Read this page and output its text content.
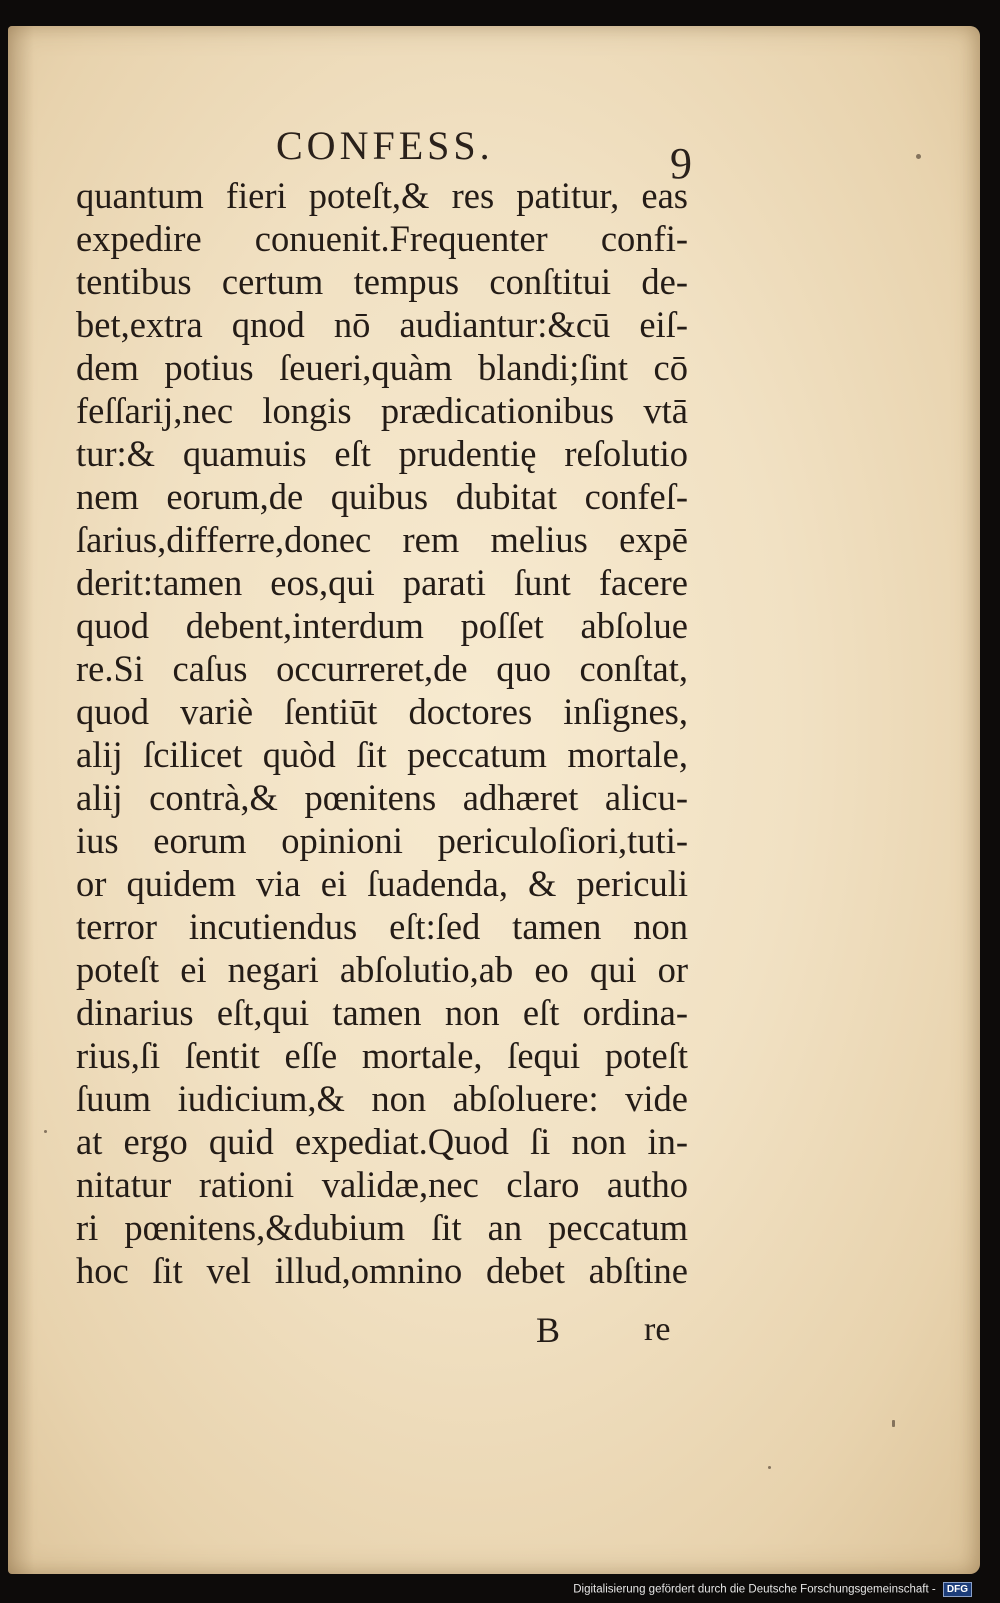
CONFESS.	9
quantum fieri poteſt,& res patitur, eas
expedire conuenit.Frequenter confi-
tentibus certum tempus conſtitui de-
bet,extra qnod nō audiantur:&cū eiſ-
dem potius ſeueri,quàm blandi;ſint cō
feſſarij,nec longis prædicationibus vtā
tur:& quamuis eſt prudentię reſolutio
nem eorum,de quibus dubitat confeſ-
ſarius,differre,donec rem melius expē
derit:tamen eos,qui parati ſunt facere
quod debent,interdum poſſet abſolue
re.Si caſus occurreret,de quo conſtat,
quod variè ſentiūt doctores inſignes,
alij ſcilicet quòd ſit peccatum mortale,
alij contrà,& pœnitens adhæret alicu-
ius eorum opinioni periculoſiori,tuti-
or quidem via ei ſuadenda, & periculi
terror incutiendus eſt:ſed tamen non
poteſt ei negari abſolutio,ab eo qui or
dinarius eſt,qui tamen non eſt ordina-
rius,ſi ſentit eſſe mortale, ſequi poteſt
ſuum iudicium,& non abſoluere: vide
at ergo quid expediat.Quod ſi non in-
nitatur rationi validæ,nec claro autho
ri pœnitens,&dubium ſit an peccatum
hoc ſit vel illud,omnino debet abſtine
B re
Digitalisierung gefördert durch die Deutsche Forschungsgemeinschaft - DFG
